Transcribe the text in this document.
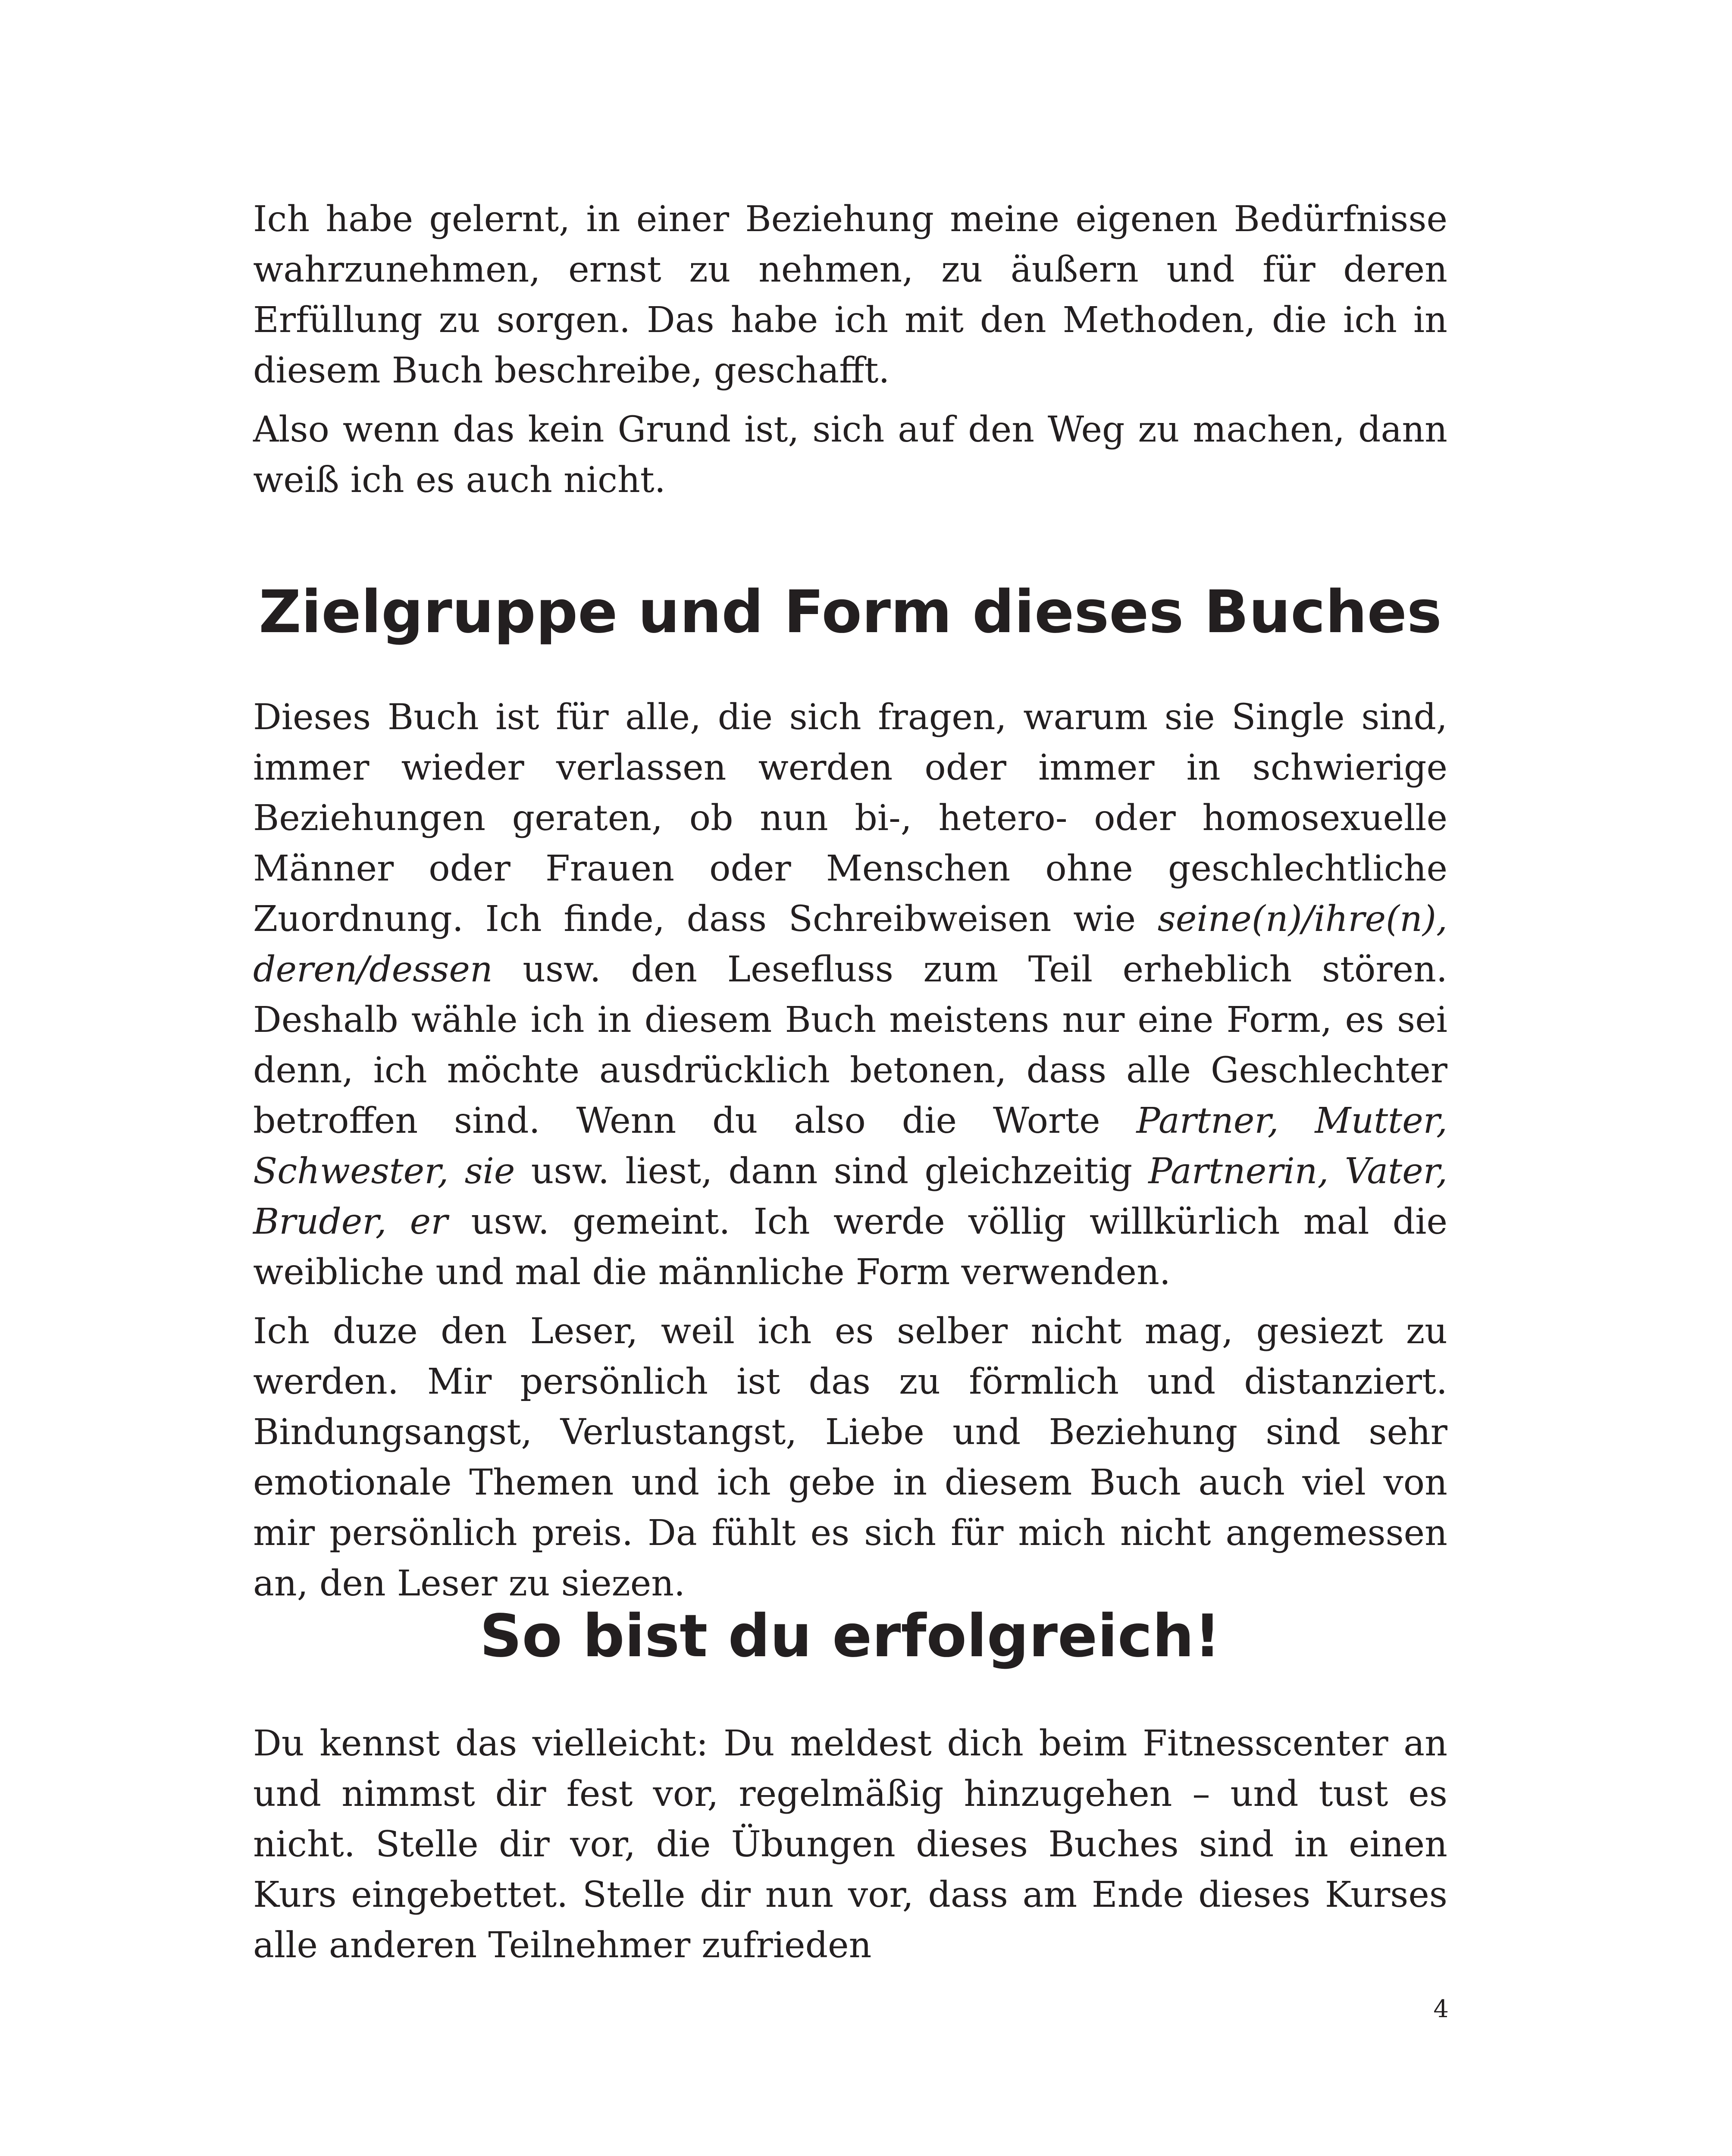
Ich habe gelernt, in einer Beziehung meine eigenen Bedürfnisse wahrzunehmen, ernst zu nehmen, zu äußern und für deren Erfüllung zu sorgen. Das habe ich mit den Methoden, die ich in diesem Buch beschreibe, geschafft.

Also wenn das kein Grund ist, sich auf den Weg zu machen, dann weiß ich es auch nicht.

Zielgruppe und Form dieses Buches

Dieses Buch ist für alle, die sich fragen, warum sie Single sind, immer wieder verlassen werden oder immer in schwierige Beziehungen geraten, ob nun bi-, hetero- oder homosexuelle Männer oder Frauen oder Menschen ohne geschlechtliche Zuordnung. Ich finde, dass Schreibweisen wie seine(n)/ihre(n), deren/dessen usw. den Lesefluss zum Teil erheblich stören. Deshalb wähle ich in diesem Buch meistens nur eine Form, es sei denn, ich möchte ausdrücklich betonen, dass alle Geschlechter betroffen sind. Wenn du also die Worte Partner, Mutter, Schwester, sie usw. liest, dann sind gleichzeitig Partnerin, Vater, Bruder, er usw. gemeint. Ich werde völlig willkürlich mal die weibliche und mal die männliche Form verwenden.

Ich duze den Leser, weil ich es selber nicht mag, gesiezt zu werden. Mir persönlich ist das zu förmlich und distanziert. Bindungsangst, Verlustangst, Liebe und Beziehung sind sehr emotionale Themen und ich gebe in diesem Buch auch viel von mir persönlich preis. Da fühlt es sich für mich nicht angemessen an, den Leser zu siezen.

So bist du erfolgreich!

Du kennst das vielleicht: Du meldest dich beim Fitnesscenter an und nimmst dir fest vor, regelmäßig hinzugehen – und tust es nicht. Stelle dir vor, die Übungen dieses Buches sind in einen Kurs eingebettet. Stelle dir nun vor, dass am Ende dieses Kurses alle anderen Teilnehmer zufrieden

4
